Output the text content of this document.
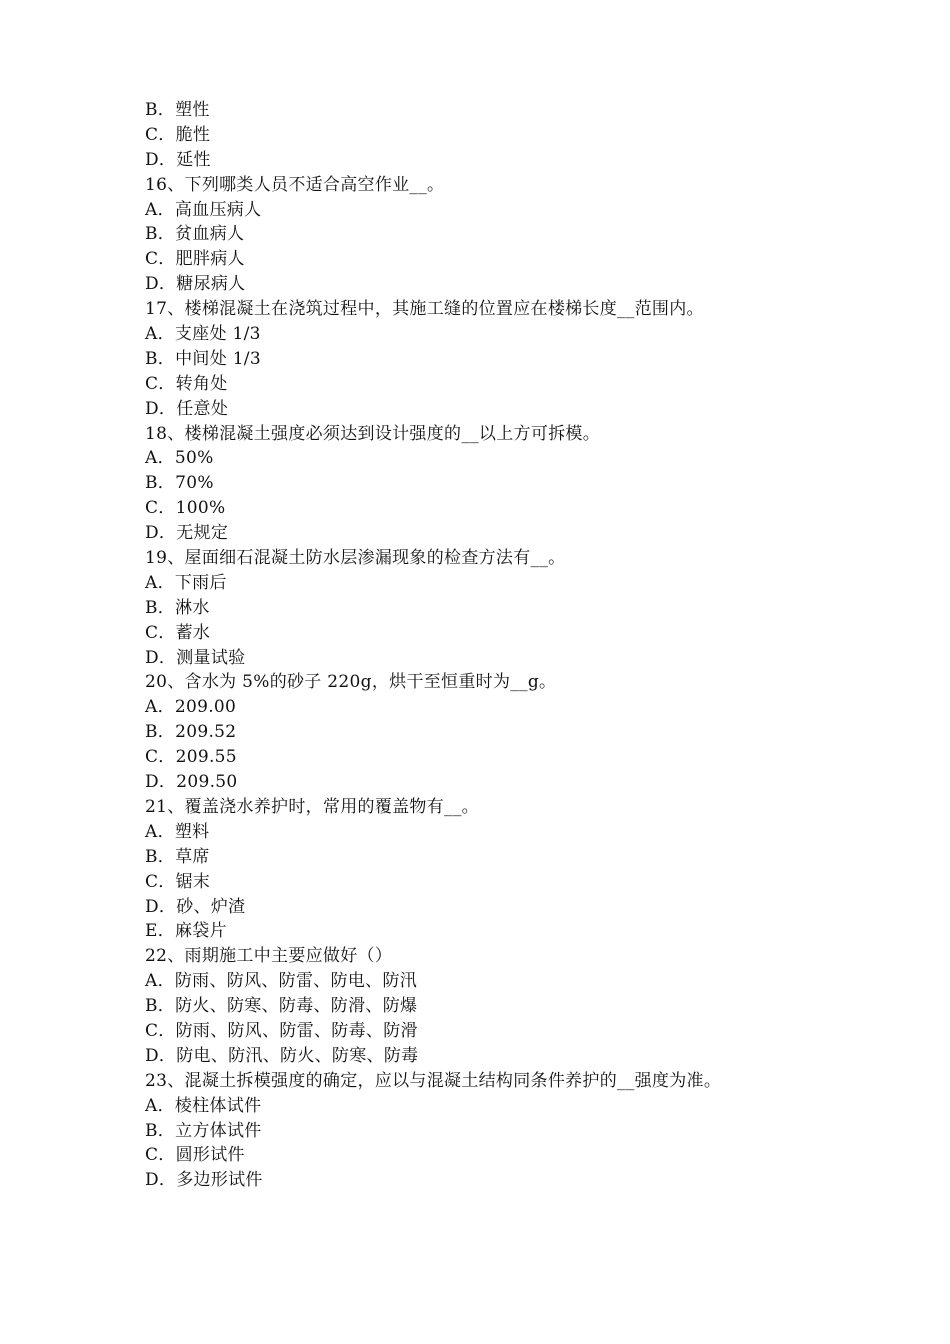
B．塑性
C．脆性
D．延性
16、下列哪类人员不适合高空作业__。
A．高血压病人
B．贫血病人
C．肥胖病人
D．糖尿病人
17、楼梯混凝土在浇筑过程中，其施工缝的位置应在楼梯长度__范围内。
A．支座处 1/3
B．中间处 1/3
C．转角处
D．任意处
18、楼梯混凝土强度必须达到设计强度的__以上方可拆模。
A．50%
B．70%
C．100%
D．无规定
19、屋面细石混凝土防水层渗漏现象的检查方法有__。
A．下雨后
B．淋水
C．蓄水
D．测量试验
20、含水为 5%的砂子 220g，烘干至恒重时为__g。
A．209.00
B．209.52
C．209.55
D．209.50
21、覆盖浇水养护时，常用的覆盖物有__。
A．塑料
B．草席
C．锯末
D．砂、炉渣
E．麻袋片
22、雨期施工中主要应做好（）
A．防雨、防风、防雷、防电、防汛
B．防火、防寒、防毒、防滑、防爆
C．防雨、防风、防雷、防毒、防滑
D．防电、防汛、防火、防寒、防毒
23、混凝土拆模强度的确定，应以与混凝土结构同条件养护的__强度为准。
A．棱柱体试件
B．立方体试件
C．圆形试件
D．多边形试件
